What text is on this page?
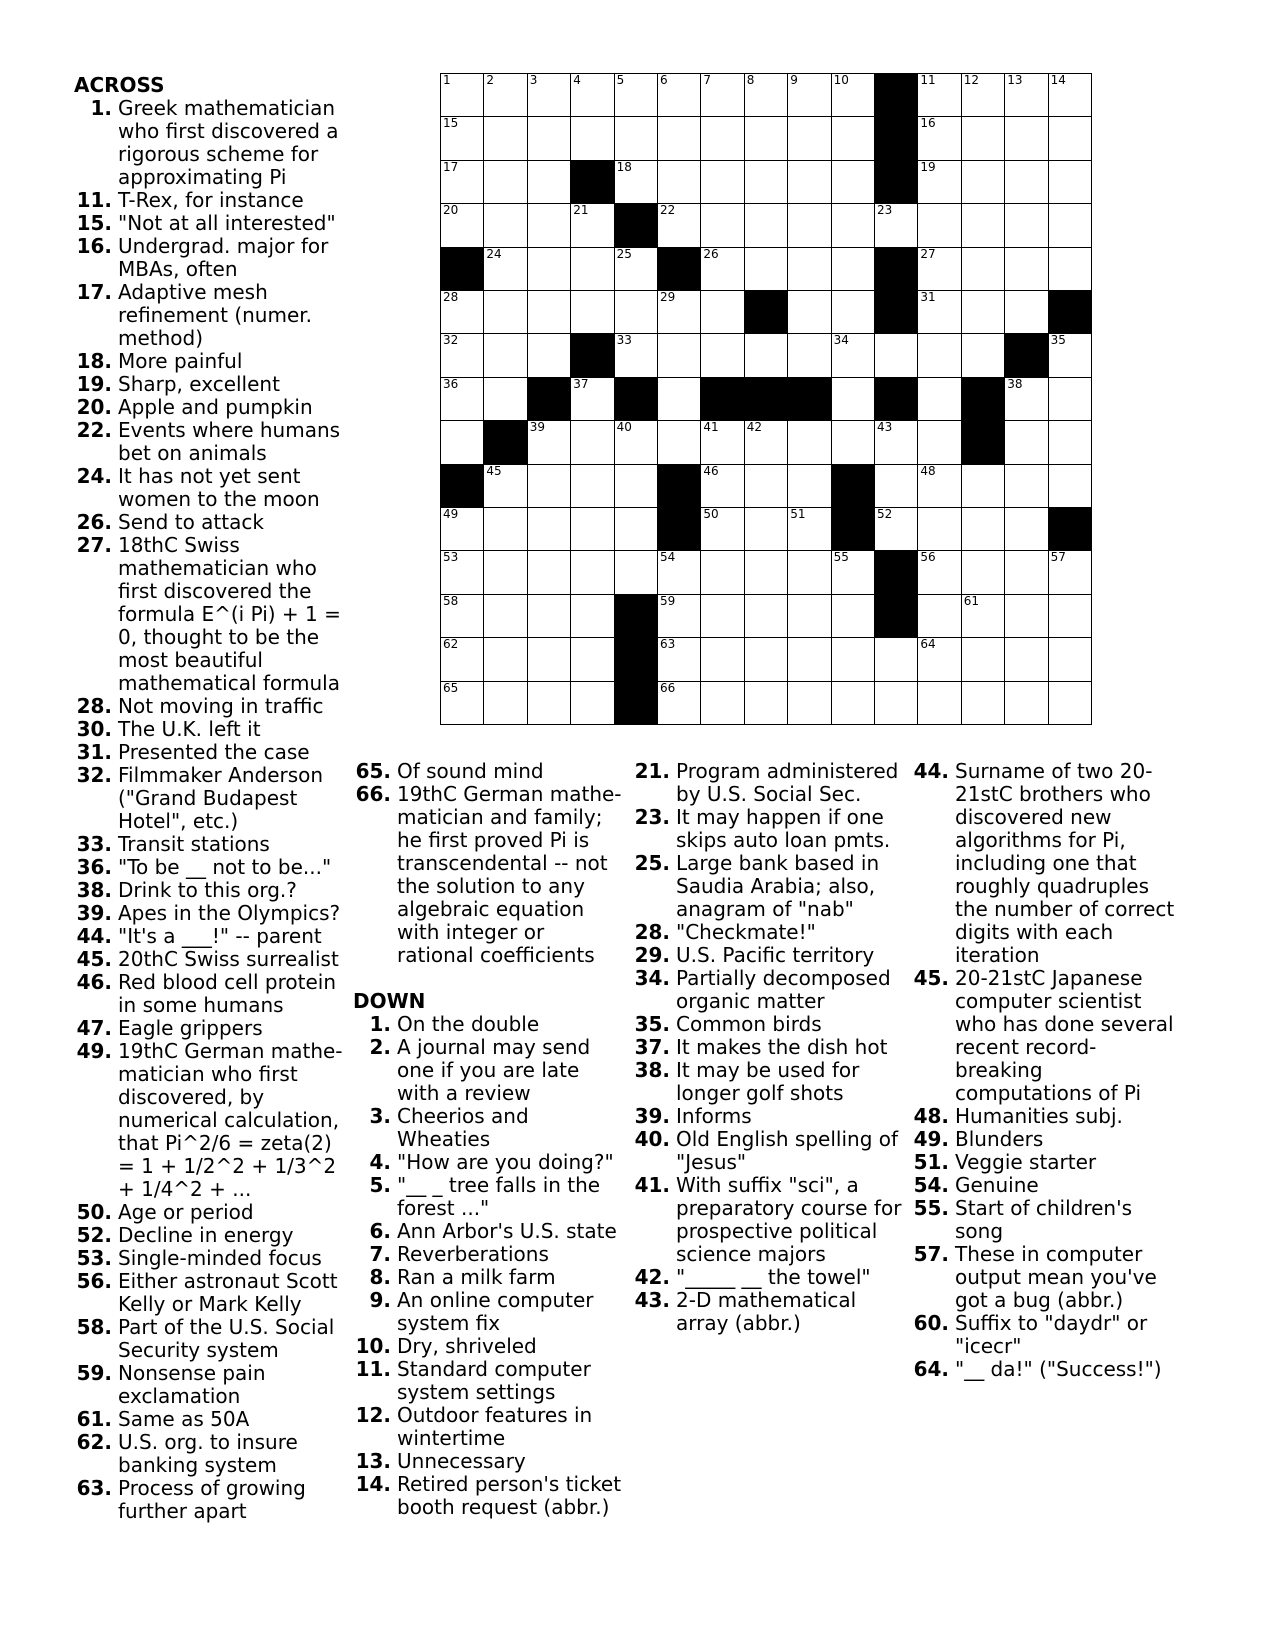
1	2	3	4	5	6	7	8	9	10	11 12 13 14
15	16
17	18	19
20	21	22	23
24	25	26	27
28	29	31
32	33	34	35
36	37	38
39	40	41 42	43
45	46	48
49	50	51	52
53	54	55	56	57
58	59	61
62	63	64
65	66
ACROSS
1. Greek mathematician who first discovered a rigorous scheme for approximating Pi
11. T-Rex, for instance
15. "Not at all interested"
16. Undergrad. major for MBAs, often
17. Adaptive mesh refinement (numer. method)
18. More painful
19. Sharp, excellent
20. Apple and pumpkin
22. Events where humans bet on animals
24. It has not yet sent women to the moon
26. Send to attack
27. 18thC Swiss mathematician who first discovered the formula E^(i Pi) + 1 = 0, thought to be the most beautiful mathematical formula
28. Not moving in traffic
30. The U.K. left it
31. Presented the case
32. Filmmaker Anderson ("Grand Budapest Hotel", etc.)
33. Transit stations
36. "To be __ not to be..."
38. Drink to this org.?
39. Apes in the Olympics?
44. "It's a ___!" -- parent
45. 20thC Swiss surrealist
46. Red blood cell protein in some humans
47. Eagle grippers
49. 19thC German mathe-matician who first discovered, by numerical calculation, that Pi^2/6 = zeta(2) = 1 + 1/2^2 + 1/3^2 + 1/4^2 + ...
50. Age or period
52. Decline in energy
53. Single-minded focus
56. Either astronaut Scott Kelly or Mark Kelly
58. Part of the U.S. Social Security system
59. Nonsense pain exclamation
61. Same as 50A
62. U.S. org. to insure banking system
63. Process of growing further apart
65. Of sound mind
66. 19thC German mathe-matician and family; he first proved Pi is transcendental -- not the solution to any algebraic equation with integer or rational coefficients
DOWN
1. On the double
2. A journal may send one if you are late with a review
3. Cheerios and Wheaties
4. "How are you doing?"
5. "__ _ tree falls in the forest ..."
6. Ann Arbor's U.S. state
7. Reverberations
8. Ran a milk farm
9. An online computer system fix
10. Dry, shriveled
11. Standard computer system settings
12. Outdoor features in wintertime
13. Unnecessary
14. Retired person's ticket booth request (abbr.)
21. Program administered by U.S. Social Sec.
23. It may happen if one skips auto loan pmts.
25. Large bank based in Saudia Arabia; also, anagram of "nab"
28. "Checkmate!"
29. U.S. Pacific territory
34. Partially decomposed organic matter
35. Common birds
37. It makes the dish hot
38. It may be used for longer golf shots
39. Informs
40. Old English spelling of "Jesus"
41. With suffix "sci", a preparatory course for prospective political science majors
42. "_____ __ the towel"
43. 2-D mathematical array (abbr.)
44. Surname of two 20-21stC brothers who discovered new algorithms for Pi, including one that roughly quadruples the number of correct digits with each iteration
45. 20-21stC Japanese computer scientist who has done several recent record-breaking computations of Pi
48. Humanities subj.
49. Blunders
51. Veggie starter
54. Genuine
55. Start of children's song
57. These in computer output mean you've got a bug (abbr.)
60. Suffix to "daydr" or "icecr"
64. "__ da!" ("Success!")
